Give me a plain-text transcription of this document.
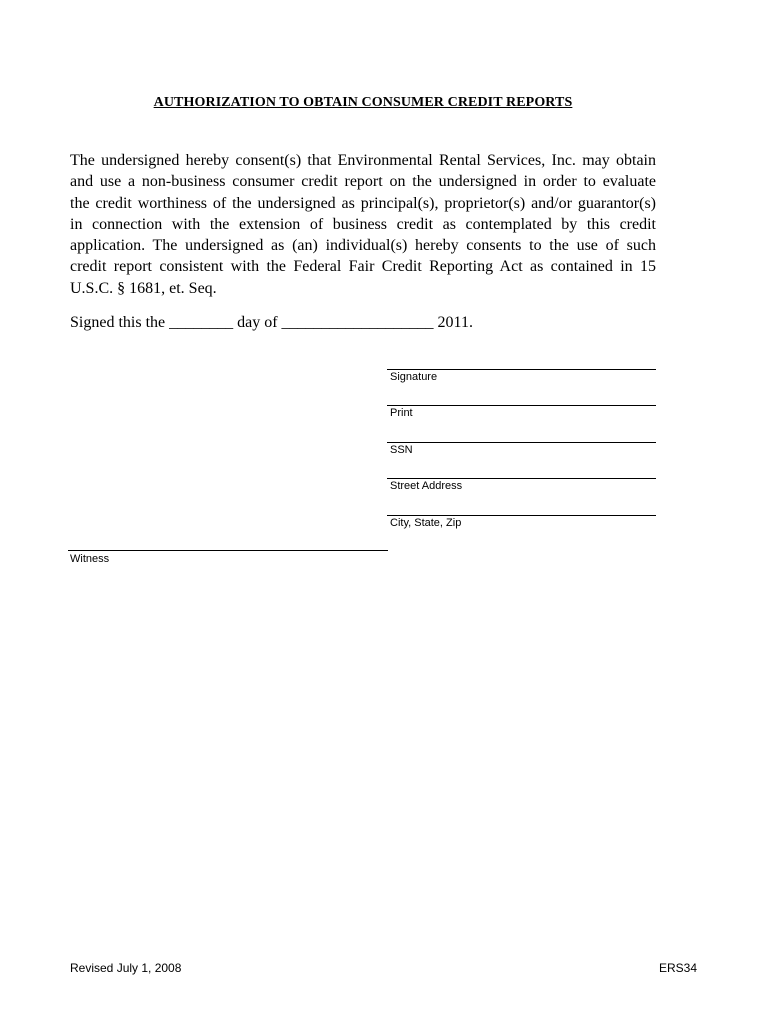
AUTHORIZATION TO OBTAIN CONSUMER CREDIT REPORTS
The undersigned hereby consent(s) that Environmental Rental Services, Inc. may obtain
and use a non-business consumer credit report on the undersigned in order to evaluate
the credit worthiness of the undersigned as principal(s), proprietor(s) and/or guarantor(s)
in connection with the extension of business credit as contemplated by this credit
application. The undersigned as (an) individual(s) hereby consents to the use of such
credit report consistent with the Federal Fair Credit Reporting Act as contained in 15
U.S.C. § 1681, et. Seq.
Signed this the ________ day of ___________________ 2011.
Signature
Print
SSN
Street Address
City, State, Zip
Witness
Revised July 1, 2008	ERS34
